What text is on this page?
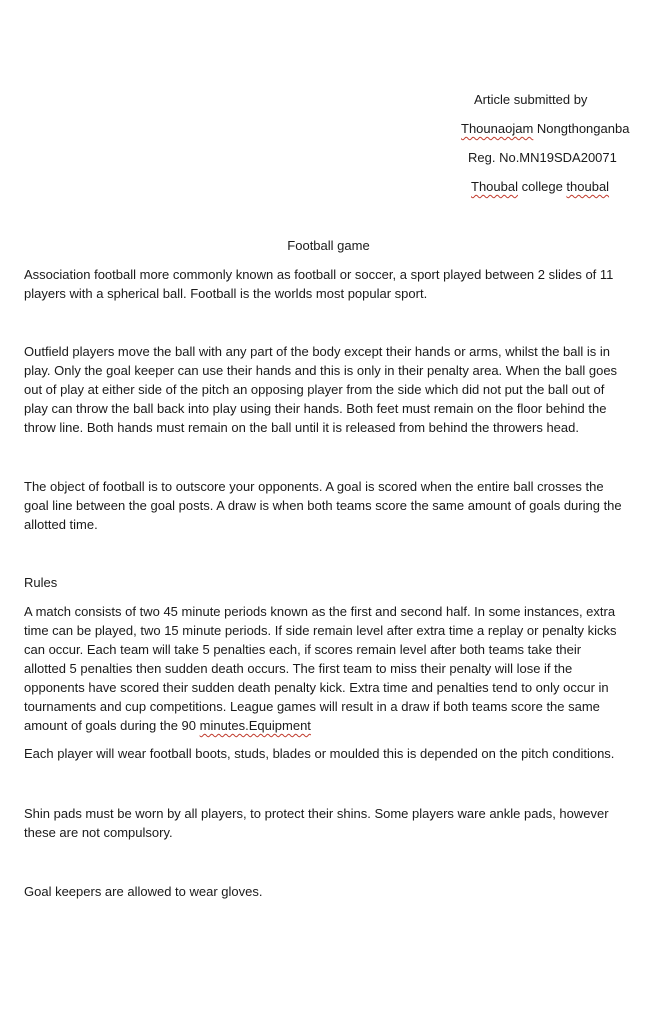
Article submitted by
Thounaojam Nongthonganba
Reg. No.MN19SDA20071
Thoubal college thoubal
Football game

Association football more commonly known as football or soccer, a sport played between 2 slides of 11
players with a spherical ball. Football is the worlds most popular sport.

Outfield players move the ball with any part of the body except their hands or arms, whilst the ball is in
play. Only the goal keeper can use their hands and this is only in their penalty area. When the ball goes
out of play at either side of the pitch an opposing player from the side which did not put the ball out of
play can throw the ball back into play using their hands. Both feet must remain on the floor behind the
throw line. Both hands must remain on the ball until it is released from behind the throwers head.

The object of football is to outscore your opponents. A goal is scored when the entire ball crosses the
goal line between the goal posts. A draw is when both teams score the same amount of goals during the
allotted time.

Rules

A match consists of two 45 minute periods known as the first and second half. In some instances, extra
time can be played, two 15 minute periods. If side remain level after extra time a replay or penalty kicks
can occur. Each team will take 5 penalties each, if scores remain level after both teams take their
allotted 5 penalties then sudden death occurs. The first team to miss their penalty will lose if the
opponents have scored their sudden death penalty kick. Extra time and penalties tend to only occur in
tournaments and cup competitions. League games will result in a draw if both teams score the same
amount of goals during the 90 minutes.Equipment

Each player will wear football boots, studs, blades or moulded this is depended on the pitch conditions.

Shin pads must be worn by all players, to protect their shins. Some players ware ankle pads, however
these are not compulsory.

Goal keepers are allowed to wear gloves.
